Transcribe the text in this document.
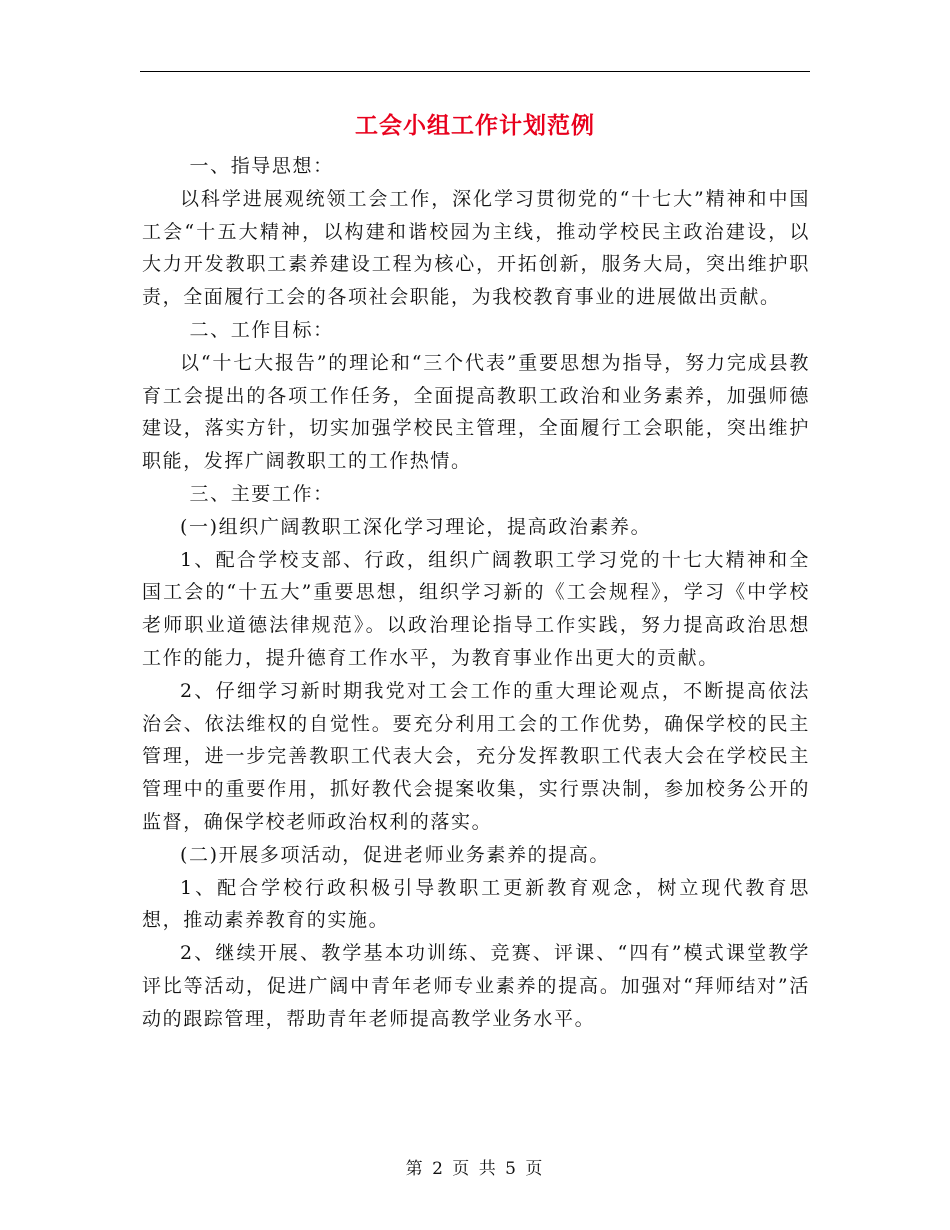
工会小组工作计划范例

一、指导思想：

以科学进展观统领工会工作，深化学习贯彻党的“十七大”精神和中国工会“十五大精神，以构建和谐校园为主线，推动学校民主政治建设，以大力开发教职工素养建设工程为核心，开拓创新，服务大局，突出维护职责，全面履行工会的各项社会职能，为我校教育事业的进展做出贡献。

二、工作目标：

以“十七大报告”的理论和“三个代表”重要思想为指导，努力完成县教育工会提出的各项工作任务，全面提高教职工政治和业务素养，加强师德建设，落实方针，切实加强学校民主管理，全面履行工会职能，突出维护职能，发挥广阔教职工的工作热情。

三、主要工作：

(一)组织广阔教职工深化学习理论，提高政治素养。

1、配合学校支部、行政，组织广阔教职工学习党的十七大精神和全国工会的“十五大”重要思想，组织学习新的《工会规程》，学习《中学校老师职业道德法律规范》。以政治理论指导工作实践，努力提高政治思想工作的能力，提升德育工作水平，为教育事业作出更大的贡献。

2、仔细学习新时期我党对工会工作的重大理论观点，不断提高依法治会、依法维权的自觉性。要充分利用工会的工作优势，确保学校的民主管理，进一步完善教职工代表大会，充分发挥教职工代表大会在学校民主管理中的重要作用，抓好教代会提案收集，实行票决制，参加校务公开的监督，确保学校老师政治权利的落实。

(二)开展多项活动，促进老师业务素养的提高。

1、配合学校行政积极引导教职工更新教育观念，树立现代教育思想，推动素养教育的实施。

2、继续开展、教学基本功训练、竞赛、评课、“四有”模式课堂教学评比等活动，促进广阔中青年老师专业素养的提高。加强对“拜师结对”活动的跟踪管理，帮助青年老师提高教学业务水平。

第 2 页 共 5 页
